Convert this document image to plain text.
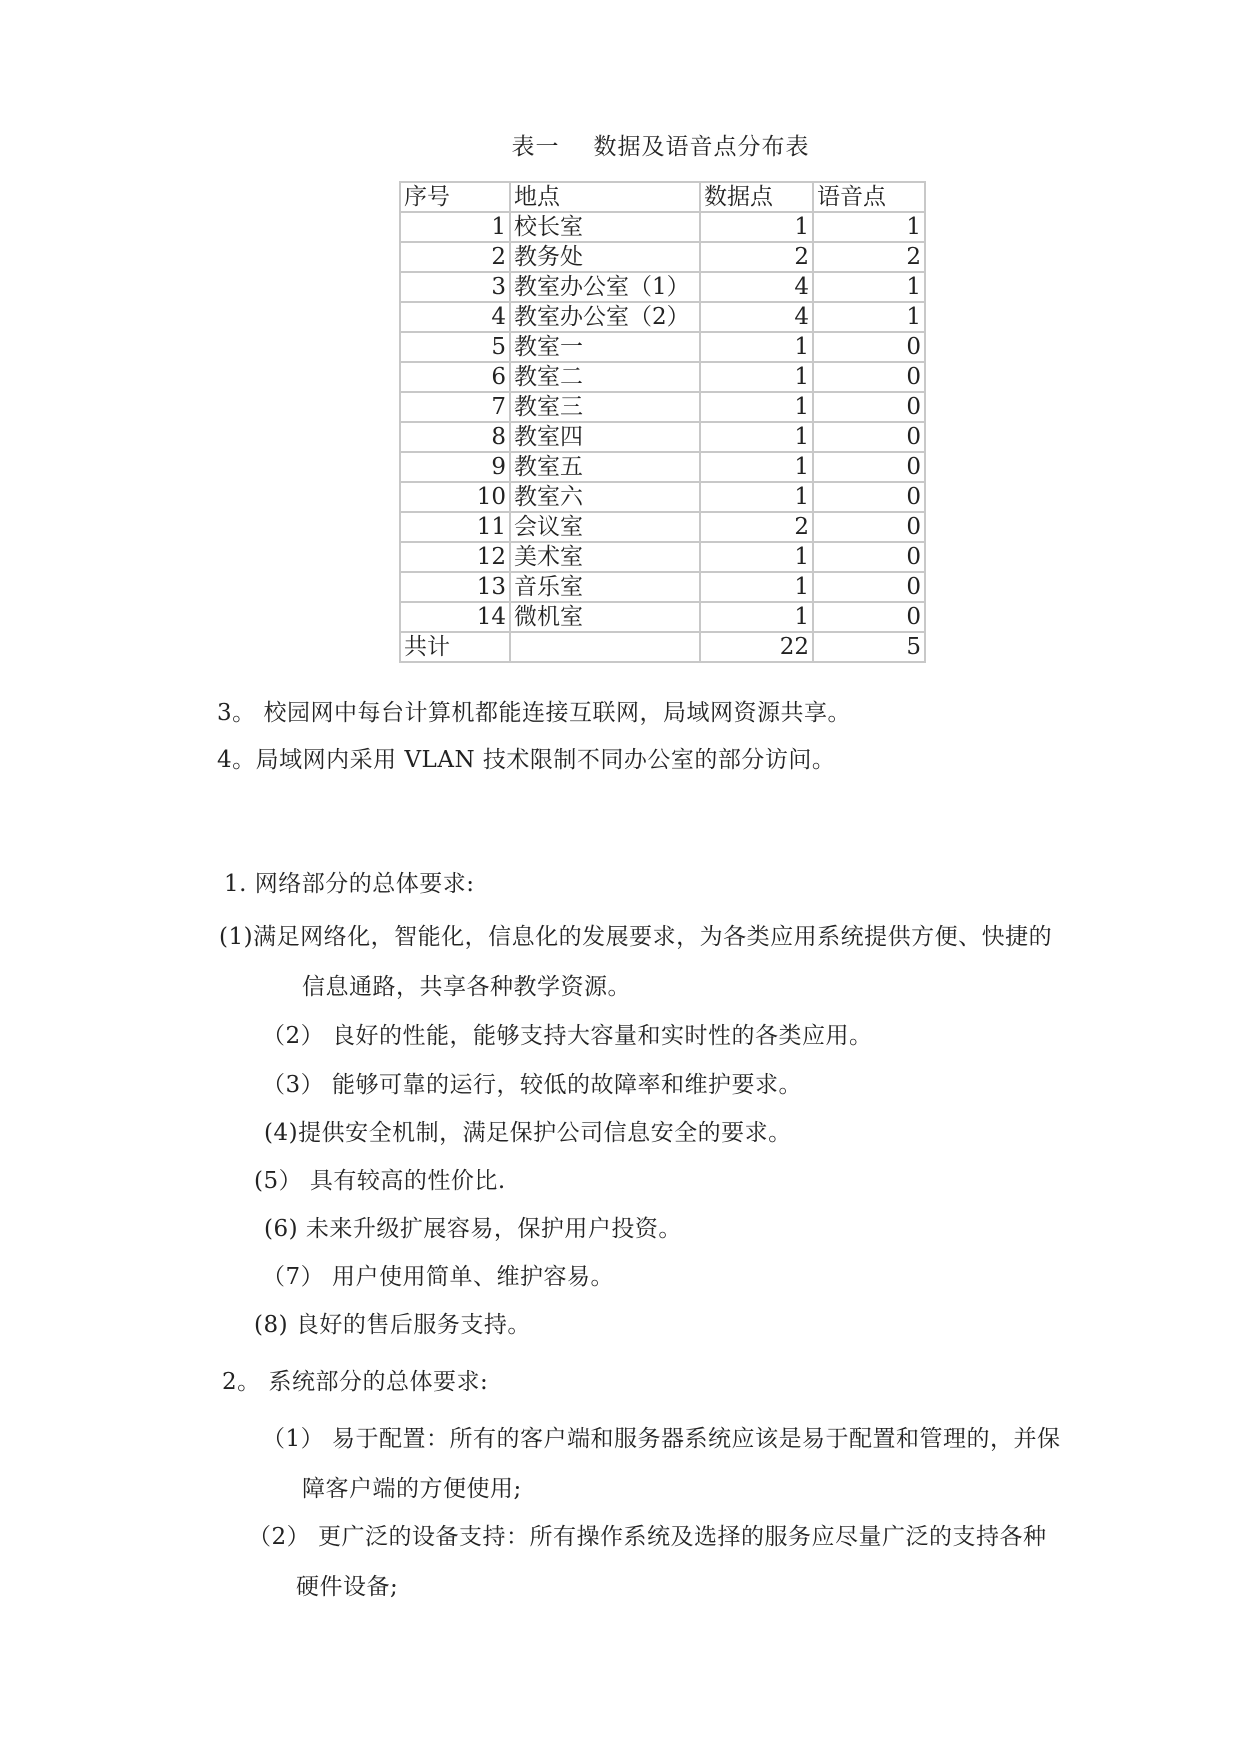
表一 数据及语音点分布表
序号	地点	数据点	语音点
1	校长室	1	1
2	教务处	2	2
3	教室办公室（1）	4	1
4	教室办公室（2）	4	1
5	教室一	1	0
6	教室二	1	0
7	教室三	1	0
8	教室四	1	0
9	教室五	1	0
10	教室六	1	0
11	会议室	2	0
12	美术室	1	0
13	音乐室	1	0
14	微机室	1	0
共计		22	5
3。 校园网中每台计算机都能连接互联网，局域网资源共享。
4。局域网内采用 VLAN 技术限制不同办公室的部分访问。
1. 网络部分的总体要求:
(1)满足网络化，智能化，信息化的发展要求，为各类应用系统提供方便、快捷的
信息通路，共享各种教学资源。
（2） 良好的性能，能够支持大容量和实时性的各类应用。
（3） 能够可靠的运行，较低的故障率和维护要求。
(4)提供安全机制，满足保护公司信息安全的要求。
(5） 具有较高的性价比.
(6) 未来升级扩展容易，保护用户投资。
（7） 用户使用简单、维护容易。
(8) 良好的售后服务支持。
2。 系统部分的总体要求:
（1） 易于配置：所有的客户端和服务器系统应该是易于配置和管理的，并保
障客户端的方便使用;
（2） 更广泛的设备支持：所有操作系统及选择的服务应尽量广泛的支持各种
硬件设备;
